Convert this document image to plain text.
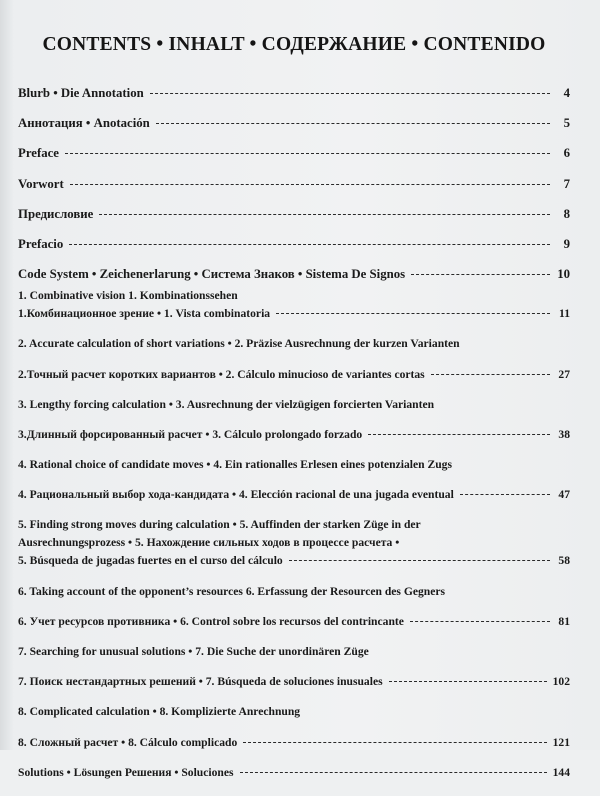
CONTENTS • INHALT • СОДЕРЖАНИЕ • CONTENIDO
Blurb • Die Annotation	4
Аннотация • Anotación	5
Preface	6
Vorwort	7
Предисловие	8
Prefacio	9
Code System • Zeichenerlarung • Система Знаков • Sistema De Signos	10
1. Combinative vision 1. Kombinationssehen
1.Комбинационное зрение • 1. Vista combinatoria	11
2. Accurate calculation of short variations • 2. Präzise Ausrechnung der kurzen Varianten
2.Точный расчет коротких вариантов • 2. Cálculo minucioso de variantes cortas	27
3. Lengthy forcing calculation • 3. Ausrechnung der vielzügigen forcierten Varianten
3.Длинный форсированный расчет • 3. Cálculo prolongado forzado	38
4. Rational choice of candidate moves • 4. Ein rationalles Erlesen eines potenzialen Zugs
4. Рациональный выбор хода-кандидата • 4. Elección racional de una jugada eventual	47
5. Finding strong moves during calculation • 5. Auffinden der starken Züge in der
Ausrechnungsprozess • 5. Нахождение сильных ходов в процессе расчета •
5. Búsqueda de jugadas fuertes en el curso del cálculo	58
6. Taking account of the opponent’s resources 6. Erfassung der Resourcen des Gegners
6. Учет ресурсов противника • 6. Control sobre los recursos del contrincante	81
7. Searching for unusual solutions • 7. Die Suche der unordinären Züge
7. Поиск нестандартных решений • 7. Búsqueda de soluciones inusuales	102
8. Complicated calculation • 8. Komplizierte Anrechnung
8. Сложный расчет • 8. Cálculo complicado	121
Solutions • Lösungen Решения • Soluciones	144
